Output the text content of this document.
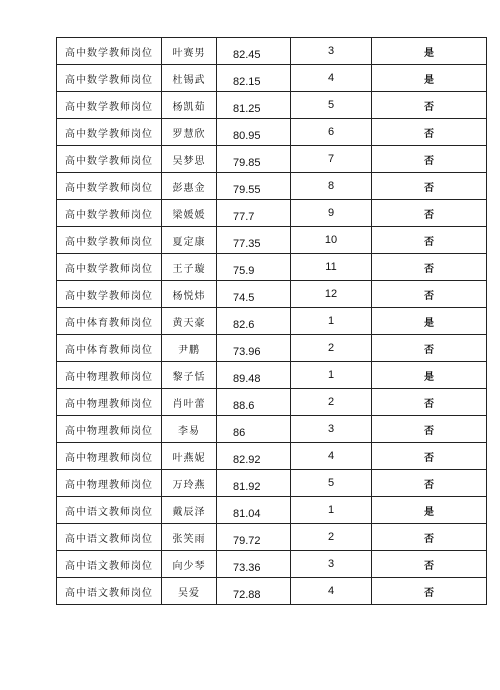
高中数学教师岗位	叶赛男	82.45	3	是
高中数学教师岗位	杜锡武	82.15	4	是
高中数学教师岗位	杨凯茹	81.25	5	否
高中数学教师岗位	罗慧欣	80.95	6	否
高中数学教师岗位	吴梦思	79.85	7	否
高中数学教师岗位	彭惠金	79.55	8	否
高中数学教师岗位	梁媛媛	77.7	9	否
高中数学教师岗位	夏定康	77.35	10	否
高中数学教师岗位	王子璇	75.9	11	否
高中数学教师岗位	杨悦炜	74.5	12	否
高中体育教师岗位	黄天豪	82.6	1	是
高中体育教师岗位	尹鹏	73.96	2	否
高中物理教师岗位	黎子恬	89.48	1	是
高中物理教师岗位	肖叶蕾	88.6	2	否
高中物理教师岗位	李易	86	3	否
高中物理教师岗位	叶燕妮	82.92	4	否
高中物理教师岗位	万玲燕	81.92	5	否
高中语文教师岗位	戴辰泽	81.04	1	是
高中语文教师岗位	张笑雨	79.72	2	否
高中语文教师岗位	向少琴	73.36	3	否
高中语文教师岗位	吴爱	72.88	4	否
